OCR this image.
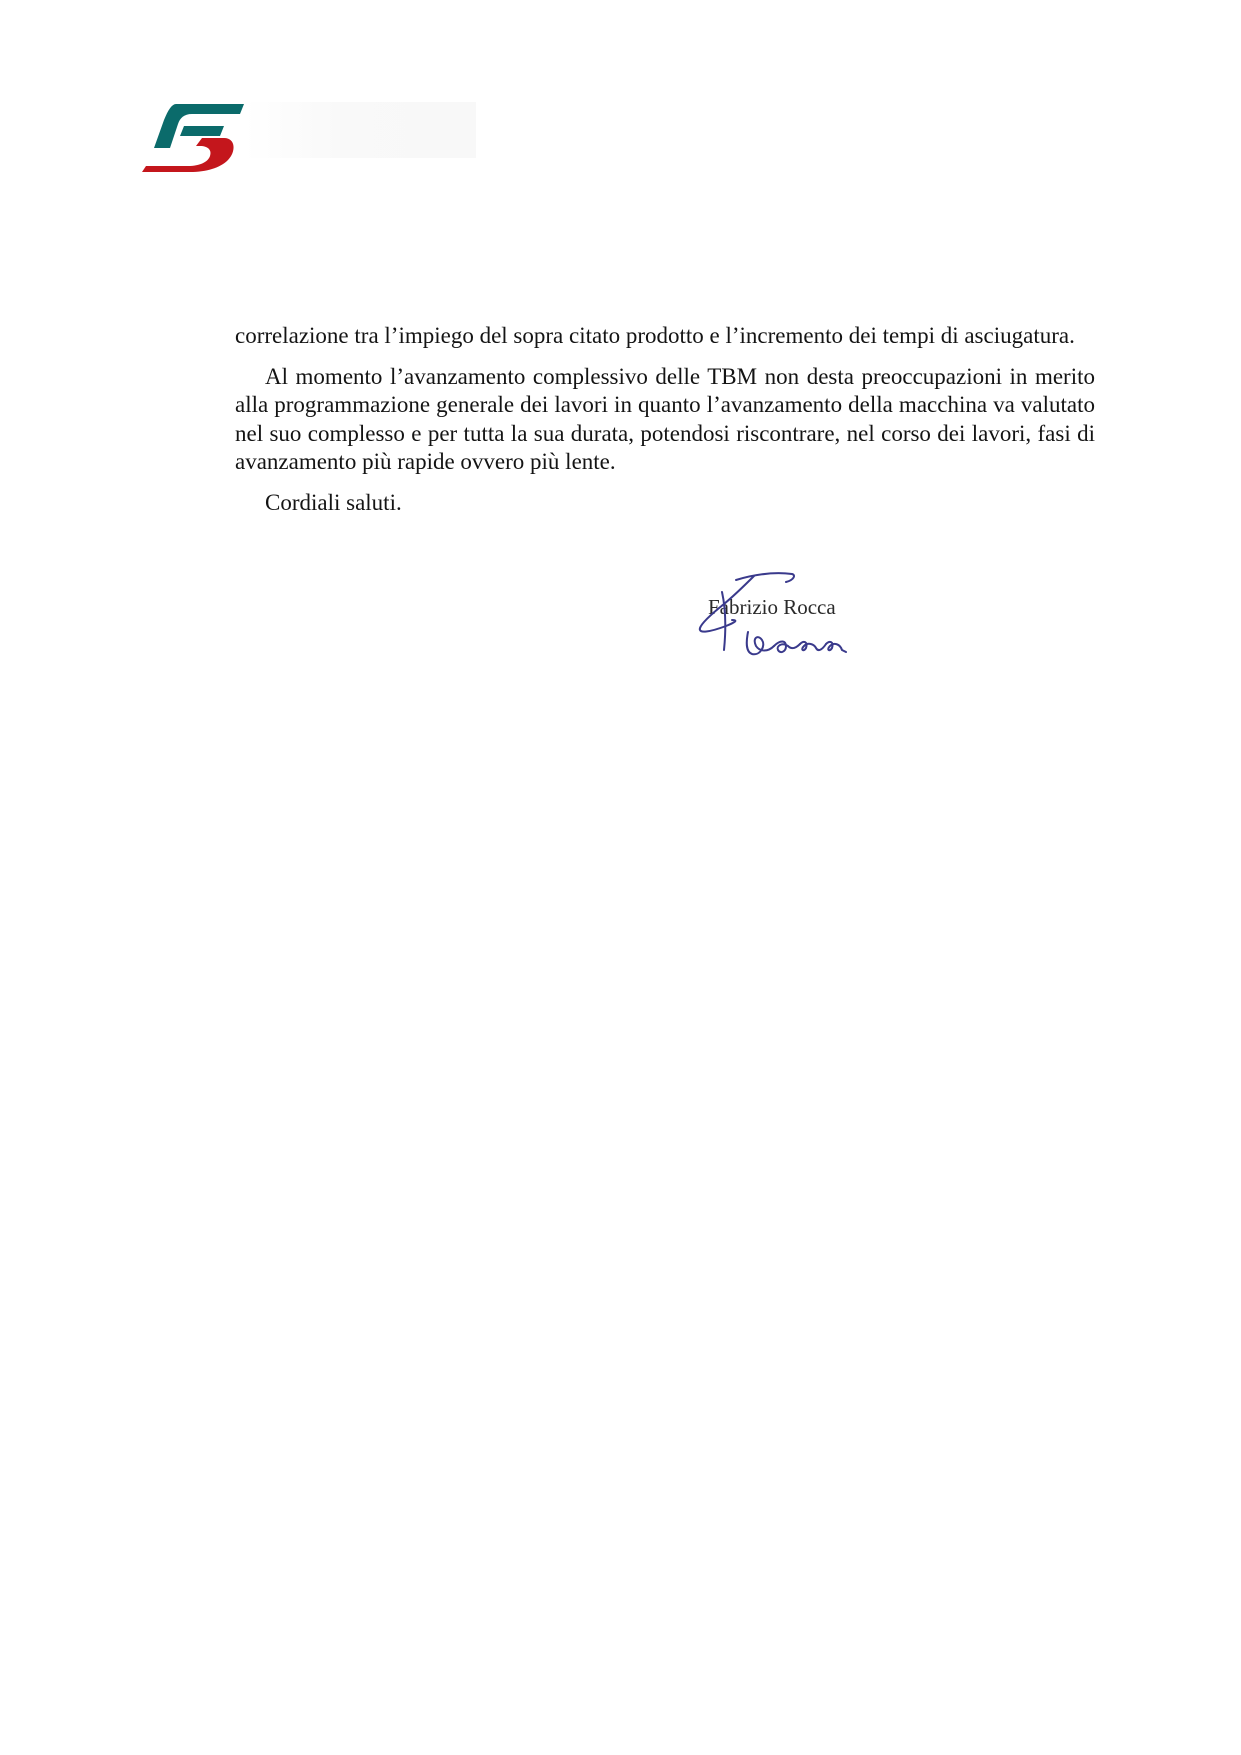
correlazione tra l’impiego del sopra citato prodotto e l’incremento dei tempi di asciugatura.

Al momento l’avanzamento complessivo delle TBM non desta preoccupazioni in merito alla programmazione generale dei lavori in quanto l’avanzamento della macchina va valutato nel suo complesso e per tutta la sua durata, potendosi riscontrare, nel corso dei lavori, fasi di avanzamento più rapide ovvero più lente.

Cordiali saluti.

Fabrizio Rocca
